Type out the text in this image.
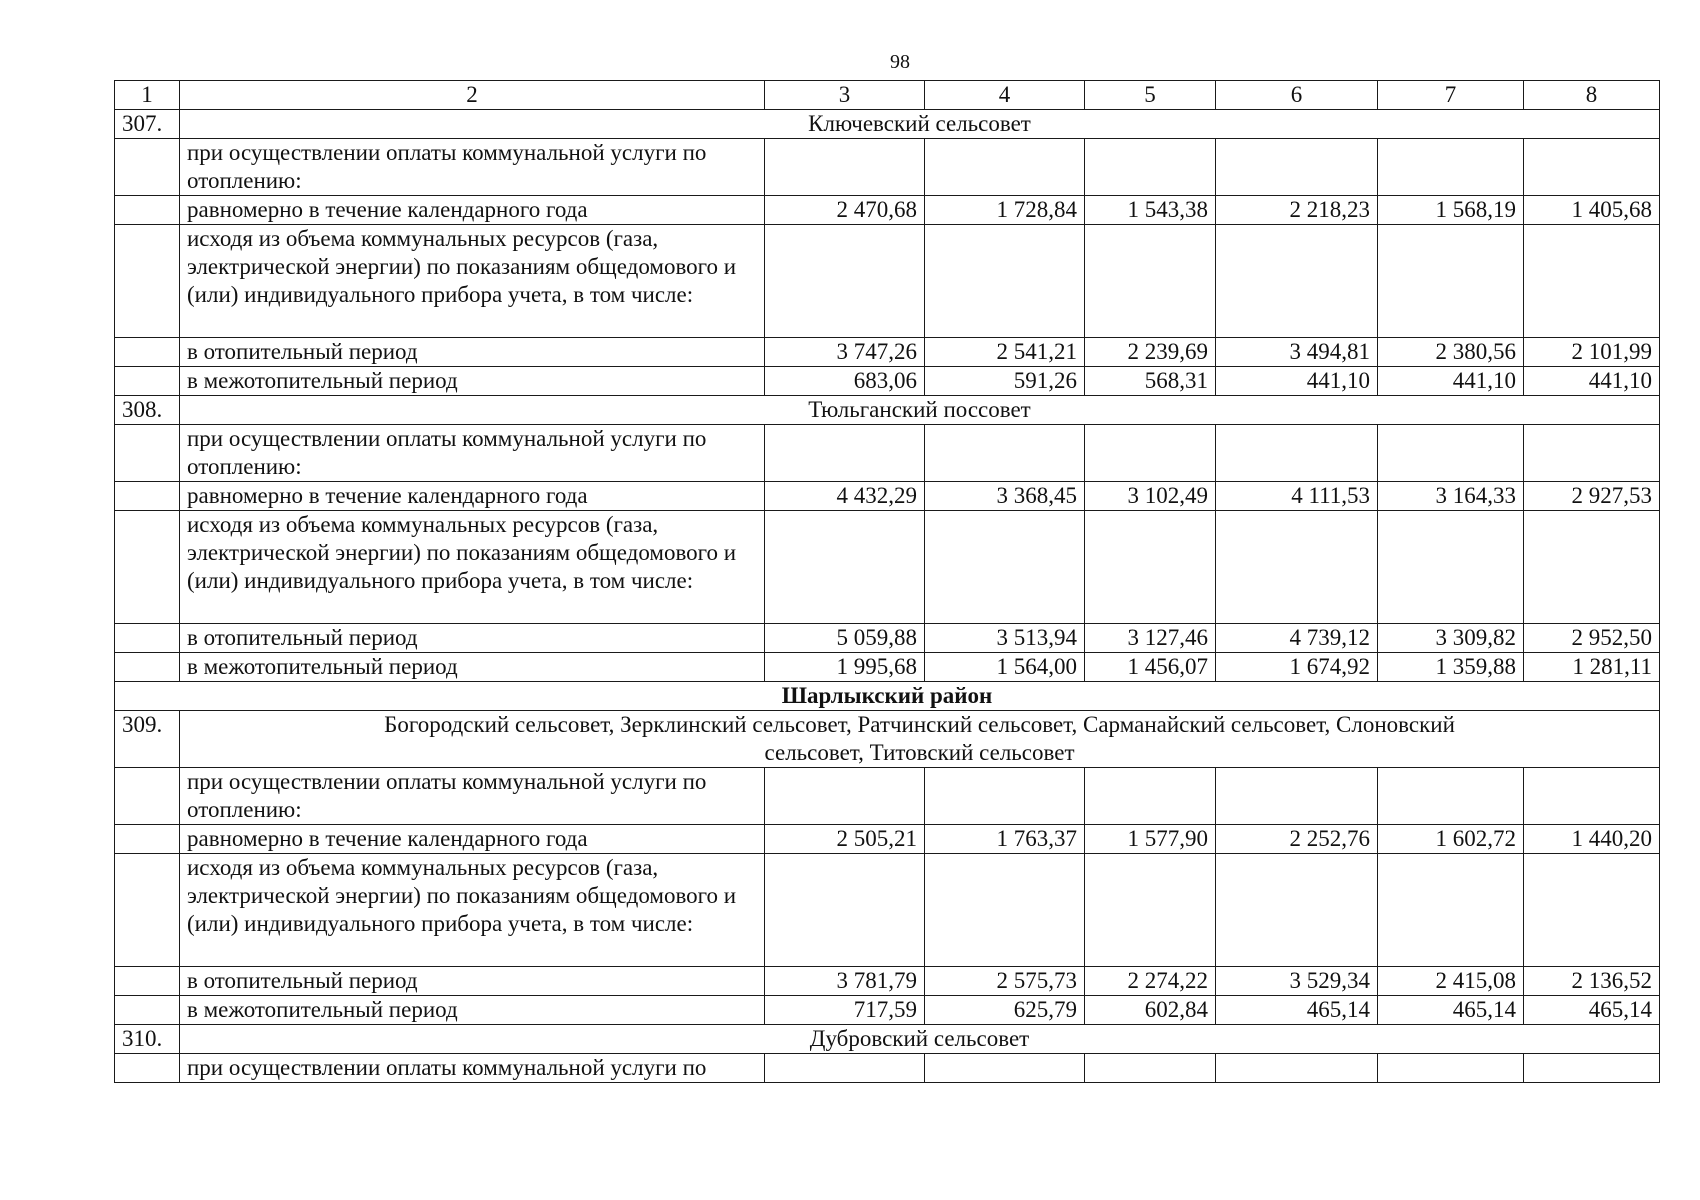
98
1	2	3	4	5	6	7	8
307.	Ключевский сельсовет						
	при осуществлении оплаты коммунальной услуги по отоплению:						
	равномерно в течение календарного года	2 470,68	1 728,84	1 543,38	2 218,23	1 568,19	1 405,68
	исходя из объема коммунальных ресурсов (газа, электрической энергии) по показаниям общедомового и (или) индивидуального прибора учета, в том числе:						
	в отопительный период	3 747,26	2 541,21	2 239,69	3 494,81	2 380,56	2 101,99
	в межотопительный период	683,06	591,26	568,31	441,10	441,10	441,10
308.	Тюльганский поссовет						
	при осуществлении оплаты коммунальной услуги по отоплению:						
	равномерно в течение календарного года	4 432,29	3 368,45	3 102,49	4 111,53	3 164,33	2 927,53
	исходя из объема коммунальных ресурсов (газа, электрической энергии) по показаниям общедомового и (или) индивидуального прибора учета, в том числе:						
	в отопительный период	5 059,88	3 513,94	3 127,46	4 739,12	3 309,82	2 952,50
	в межотопительный период	1 995,68	1 564,00	1 456,07	1 674,92	1 359,88	1 281,11
Шарлыкский район							
309.	Богородский сельсовет, Зерклинский сельсовет, Ратчинский сельсовет, Сарманайский сельсовет, Слоновский сельсовет, Титовский сельсовет						
	при осуществлении оплаты коммунальной услуги по отоплению:						
	равномерно в течение календарного года	2 505,21	1 763,37	1 577,90	2 252,76	1 602,72	1 440,20
	исходя из объема коммунальных ресурсов (газа, электрической энергии) по показаниям общедомового и (или) индивидуального прибора учета, в том числе:						
	в отопительный период	3 781,79	2 575,73	2 274,22	3 529,34	2 415,08	2 136,52
	в межотопительный период	717,59	625,79	602,84	465,14	465,14	465,14
310.	Дубровский сельсовет						
	при осуществлении оплаты коммунальной услуги по						
